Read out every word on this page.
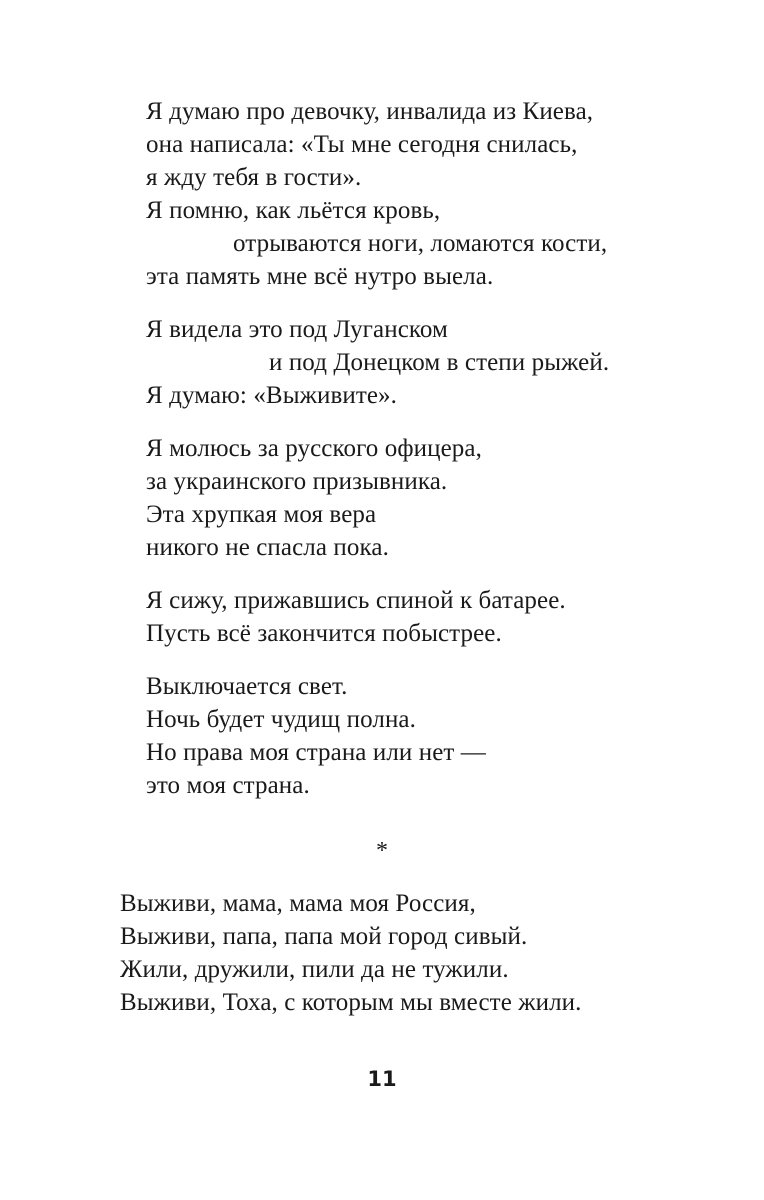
Я думаю про девочку, инвалида из Киева,
она написала: «Ты мне сегодня снилась,
я жду тебя в гости».
Я помню, как льётся кровь,
отрываются ноги, ломаются кости,
эта память мне всё нутро выела.
Я видела это под Луганском
и под Донецком в степи рыжей.
Я думаю: «Выживите».
Я молюсь за русского офицера,
за украинского призывника.
Эта хрупкая моя вера
никого не спасла пока.
Я сижу, прижавшись спиной к батарее.
Пусть всё закончится побыстрее.
Выключается свет.
Ночь будет чудищ полна.
Но права моя страна или нет —
это моя страна.
*
Выживи, мама, мама моя Россия,
Выживи, папа, папа мой город сивый.
Жили, дружили, пили да не тужили.
Выживи, Тоха, с которым мы вместе жили.
11
